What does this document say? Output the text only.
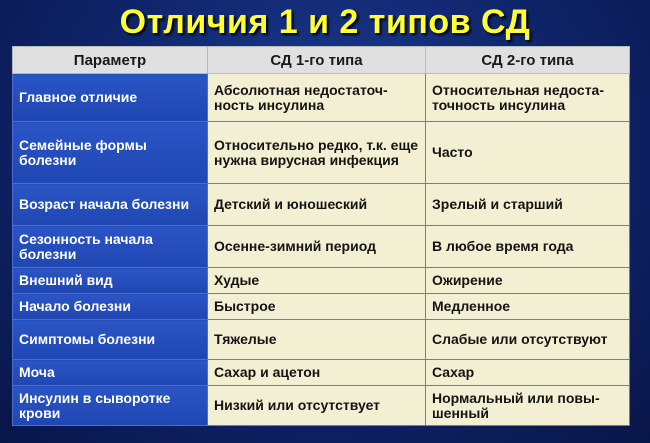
Отличия 1 и 2 типов СД
Параметр	СД 1-го типа	СД 2-го типа
Главное отличие	Абсолютная недостаточ-ность инсулина	Относительная недоста-точность инсулина
Семейные формы болезни	Относительно редко, т.к. еще нужна вирусная инфекция	Часто
Возраст начала болезни	Детский и юношеский	Зрелый и старший
Сезонность начала болезни	Осенне-зимний период	В любое время года
Внешний вид	Худые	Ожирение
Начало болезни	Быстрое	Медленное
Симптомы болезни	Тяжелые	Слабые или отсутствуют
Моча	Сахар и ацетон	Сахар
Инсулин в сыворотке крови	Низкий или отсутствует	Нормальный или повы-шенный
